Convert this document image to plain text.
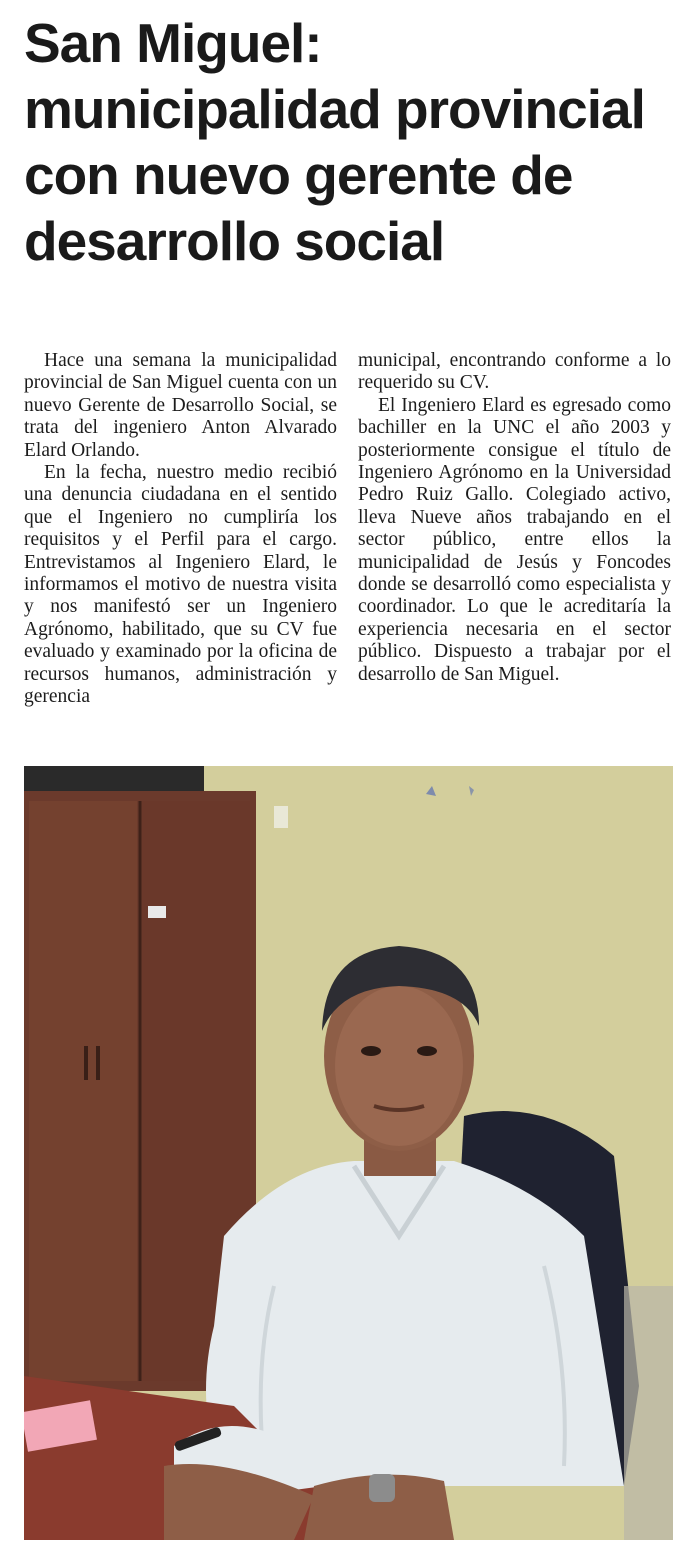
San Miguel: municipalidad provincial con nuevo gerente de desarrollo social

Hace una semana la municipalidad provincial de San Miguel cuenta con un nuevo Gerente de Desarrollo Social, se trata del ingeniero Anton Alvarado Elard Orlando.

En la fecha, nuestro medio recibió una denuncia ciudadana en el sentido que el Ingeniero no cumpliría los requisitos y el Perfil para el cargo. Entrevistamos al Ingeniero Elard, le informamos el motivo de nuestra visita y nos manifestó ser un Ingeniero Agrónomo, habilitado, que su CV fue evaluado y examinado por la oficina de recursos humanos, administración y gerencia

municipal, encontrando conforme a lo requerido su CV.

El Ingeniero Elard es egresado como bachiller en la UNC el año 2003 y posteriormente consigue el título de Ingeniero Agrónomo en la Universidad Pedro Ruiz Gallo. Colegiado activo, lleva Nueve años trabajando en el sector público, entre ellos la municipalidad de Jesús y Foncodes donde se desarrolló como especialista y coordinador. Lo que le acreditaría la experiencia necesaria en el sector público. Dispuesto a trabajar por el desarrollo de San Miguel.
